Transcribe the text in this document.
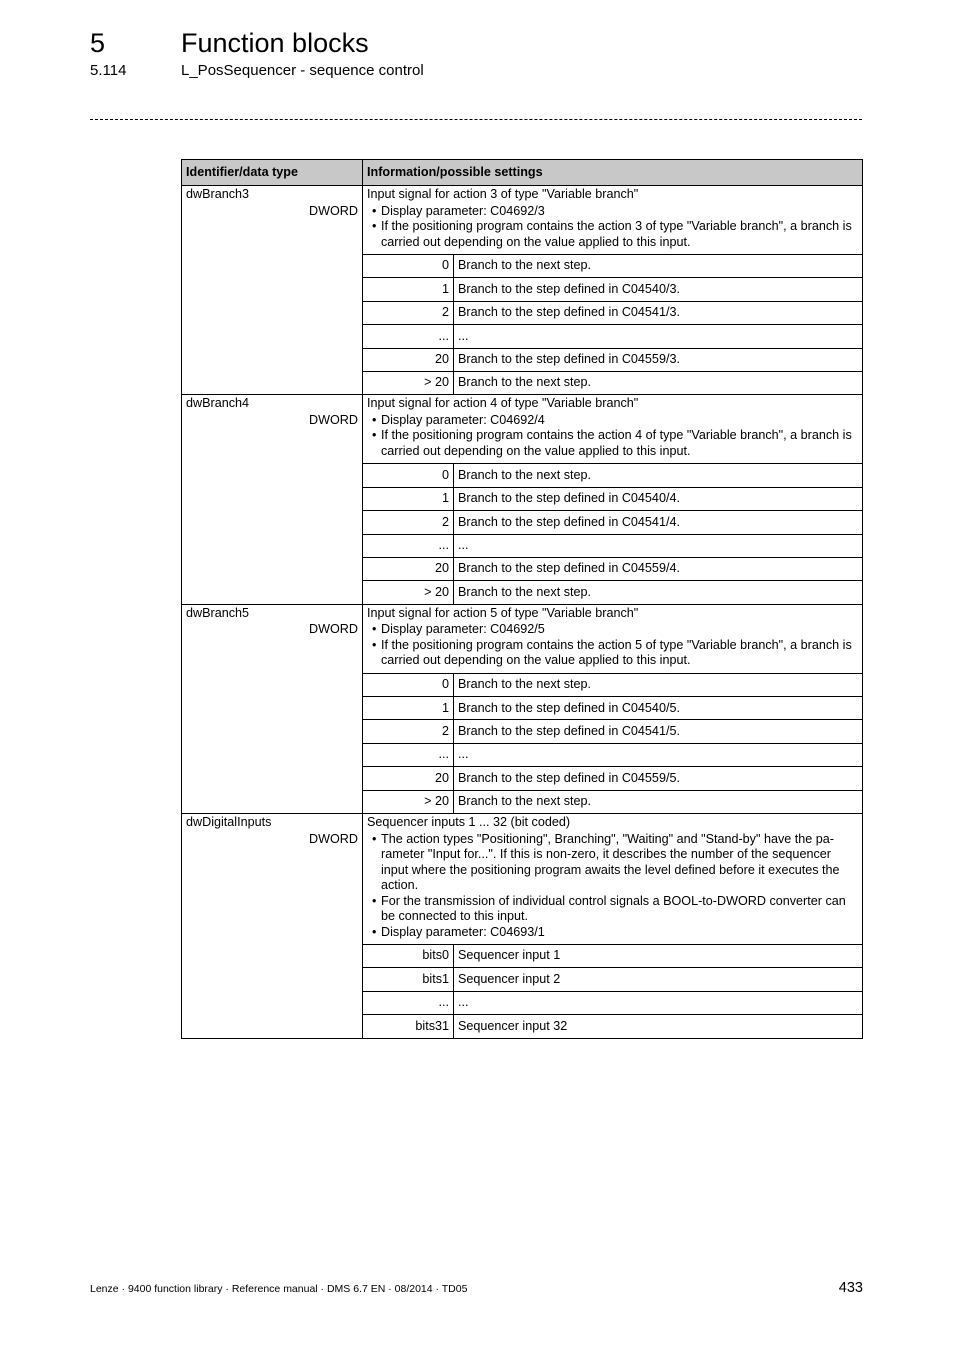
5	Function blocks
5.114	L_PosSequencer - sequence control
Identifier/data type	Information/possible settings

dwBranch3
DWORD

Input signal for action 3 of type "Variable branch"
• Display parameter: C04692/3
• If the positioning program contains the action 3 of type "Variable branch", a branch is carried out depending on the value applied to this input.
0	Branch to the next step.
1	Branch to the step defined in C04540/3.
2	Branch to the step defined in C04541/3.
...	...
20	Branch to the step defined in C04559/3.
> 20	Branch to the next step.

dwBranch4
DWORD

Input signal for action 4 of type "Variable branch"
• Display parameter: C04692/4
• If the positioning program contains the action 4 of type "Variable branch", a branch is carried out depending on the value applied to this input.
0	Branch to the next step.
1	Branch to the step defined in C04540/4.
2	Branch to the step defined in C04541/4.
...	...
20	Branch to the step defined in C04559/4.
> 20	Branch to the next step.

dwBranch5
DWORD

Input signal for action 5 of type "Variable branch"
• Display parameter: C04692/5
• If the positioning program contains the action 5 of type "Variable branch", a branch is carried out depending on the value applied to this input.
0	Branch to the next step.
1	Branch to the step defined in C04540/5.
2	Branch to the step defined in C04541/5.
...	...
20	Branch to the step defined in C04559/5.
> 20	Branch to the next step.

dwDigitalInputs
DWORD

Sequencer inputs 1 ... 32 (bit coded)
• The action types "Positioning", Branching", "Waiting" and "Stand-by" have the parameter "Input for...". If this is non-zero, it describes the number of the sequencer input where the positioning program awaits the level defined before it executes the action.
• For the transmission of individual control signals a BOOL-to-DWORD converter can be connected to this input.
• Display parameter: C04693/1
bits0	Sequencer input 1
bits1	Sequencer input 2
...	...
bits31	Sequencer input 32
Lenze · 9400 function library · Reference manual · DMS 6.7 EN · 08/2014 · TD05	433
